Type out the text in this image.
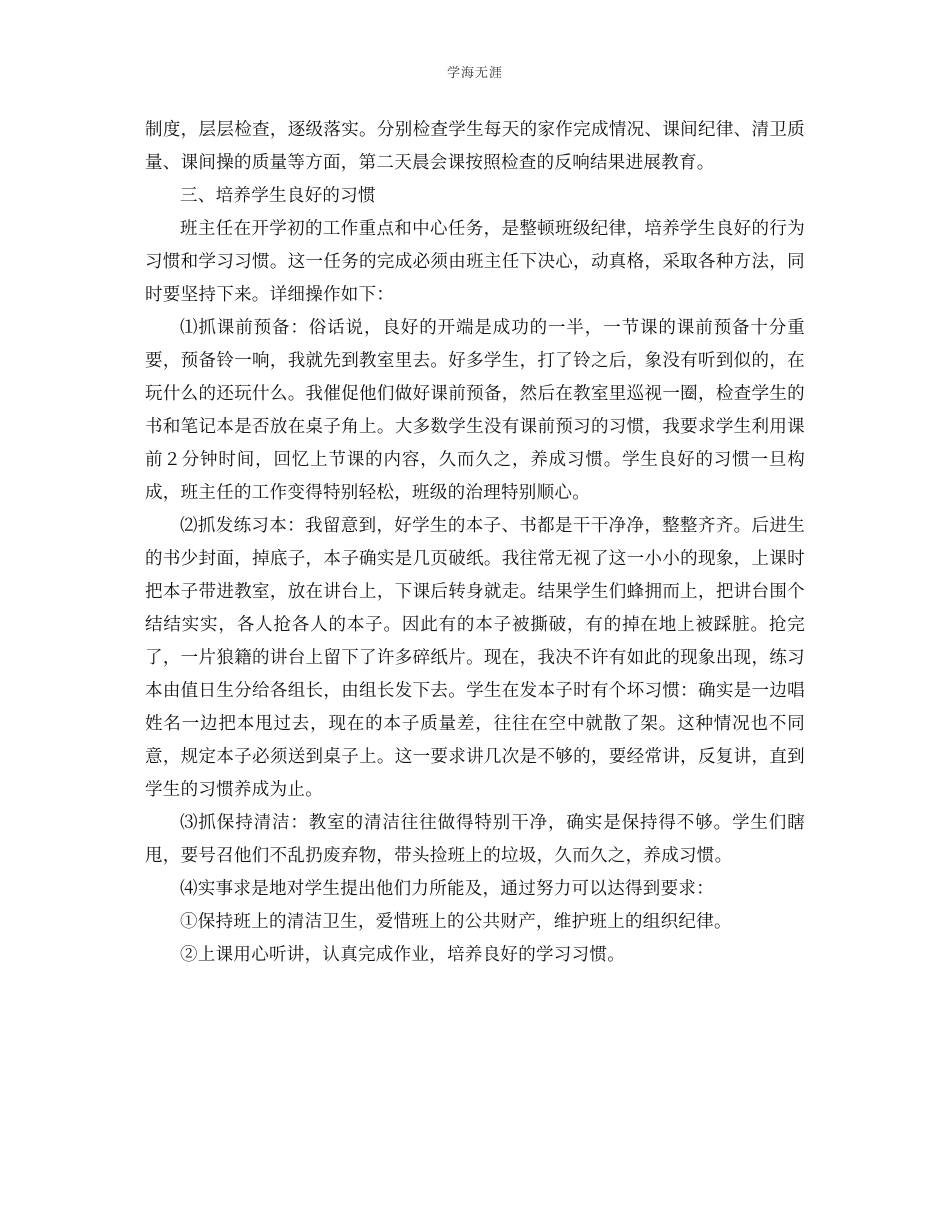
学海无涯

制度，层层检查，逐级落实。分别检查学生每天的家作完成情况、课间纪律、清卫质量、课间操的质量等方面，第二天晨会课按照检查的反响结果进展教育。

三、培养学生良好的习惯

班主任在开学初的工作重点和中心任务，是整顿班级纪律，培养学生良好的行为习惯和学习习惯。这一任务的完成必须由班主任下决心，动真格，采取各种方法，同时要坚持下来。详细操作如下：

⑴抓课前预备：俗话说，良好的开端是成功的一半，一节课的课前预备十分重要，预备铃一响，我就先到教室里去。好多学生，打了铃之后，象没有听到似的，在玩什么的还玩什么。我催促他们做好课前预备，然后在教室里巡视一圈，检查学生的书和笔记本是否放在桌子角上。大多数学生没有课前预习的习惯，我要求学生利用课前２分钟时间，回忆上节课的内容，久而久之，养成习惯。学生良好的习惯一旦构成，班主任的工作变得特别轻松，班级的治理特别顺心。

⑵抓发练习本：我留意到，好学生的本子、书都是干干净净，整整齐齐。后进生的书少封面，掉底子，本子确实是几页破纸。我往常无视了这一小小的现象，上课时把本子带进教室，放在讲台上，下课后转身就走。结果学生们蜂拥而上，把讲台围个结结实实，各人抢各人的本子。因此有的本子被撕破，有的掉在地上被踩脏。抢完了，一片狼籍的讲台上留下了许多碎纸片。现在，我决不许有如此的现象出现，练习本由值日生分给各组长，由组长发下去。学生在发本子时有个坏习惯：确实是一边唱姓名一边把本甩过去，现在的本子质量差，往往在空中就散了架。这种情况也不同意，规定本子必须送到桌子上。这一要求讲几次是不够的，要经常讲，反复讲，直到学生的习惯养成为止。

⑶抓保持清洁：教室的清洁往往做得特别干净，确实是保持得不够。学生们瞎甩，要号召他们不乱扔废弃物，带头捡班上的垃圾，久而久之，养成习惯。

⑷实事求是地对学生提出他们力所能及，通过努力可以达得到要求：

①保持班上的清洁卫生，爱惜班上的公共财产，维护班上的组织纪律。

②上课用心听讲，认真完成作业，培养良好的学习习惯。
